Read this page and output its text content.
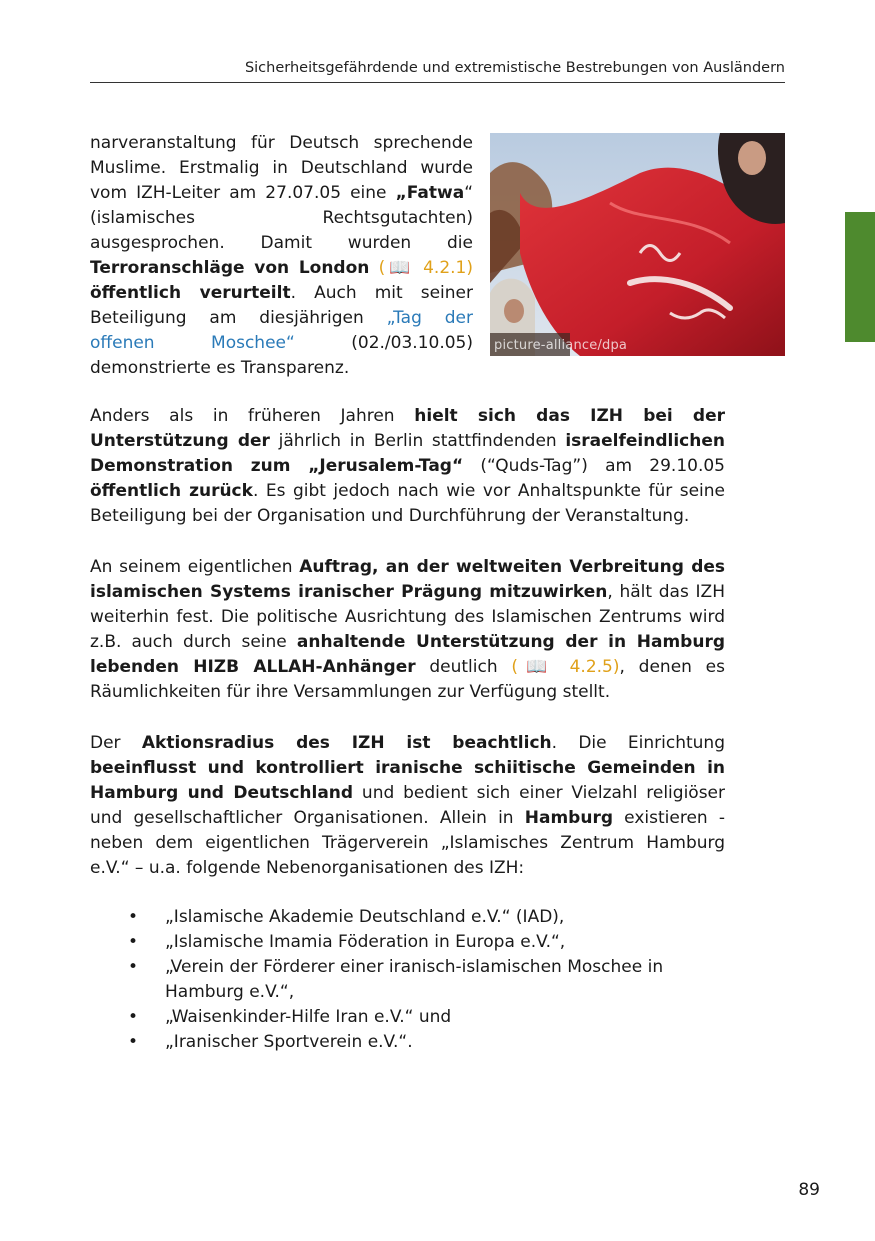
Sicherheitsgefährdende und extremistische Bestrebungen von Ausländern
picture-alliance/dpa
narveranstaltung für Deutsch sprechende Muslime. Erstmalig in Deutschland wurde vom IZH-Leiter am 27.07.05 eine „Fatwa“ (islamisches Rechtsgutachten) ausgesprochen. Damit wurden die Terroranschläge von London (📖 4.2.1) öffentlich verurteilt. Auch mit seiner Beteiligung am diesjährigen „Tag der offenen Moschee“ (02./03.10.05) demonstrierte es Transparenz.
Anders als in früheren Jahren hielt sich das IZH bei der Unterstützung der jährlich in Berlin stattfindenden israelfeindlichen Demonstration zum „Jerusalem-Tag“ (“Quds-Tag”) am 29.10.05 öffentlich zurück. Es gibt jedoch nach wie vor Anhaltspunkte für seine Beteiligung bei der Organisation und Durchführung der Veranstaltung.
An seinem eigentlichen Auftrag, an der weltweiten Verbreitung des islamischen Systems iranischer Prägung mitzuwirken, hält das IZH weiterhin fest. Die politische Ausrichtung des Islamischen Zentrums wird z.B. auch durch seine anhaltende Unterstützung der in Hamburg lebenden HIZB ALLAH-Anhänger deutlich (📖 4.2.5), denen es Räumlichkeiten für ihre Versammlungen zur Verfügung stellt.
Der Aktionsradius des IZH ist beachtlich. Die Einrichtung beeinflusst und kontrolliert iranische schiitische Gemeinden in Hamburg und Deutschland und bedient sich einer Vielzahl religiöser und gesellschaftlicher Organisationen. Allein in Hamburg existieren - neben dem eigentlichen Trägerverein „Islamisches Zentrum Hamburg e.V.“ – u.a. folgende Nebenorganisationen des IZH:
• „Islamische Akademie Deutschland e.V.“ (IAD),
• „Islamische Imamia Föderation in Europa e.V.“,
• „Verein der Förderer einer iranisch-islamischen Moschee in Hamburg e.V.“,
• „Waisenkinder-Hilfe Iran e.V.“ und
• „Iranischer Sportverein e.V.“.
89
